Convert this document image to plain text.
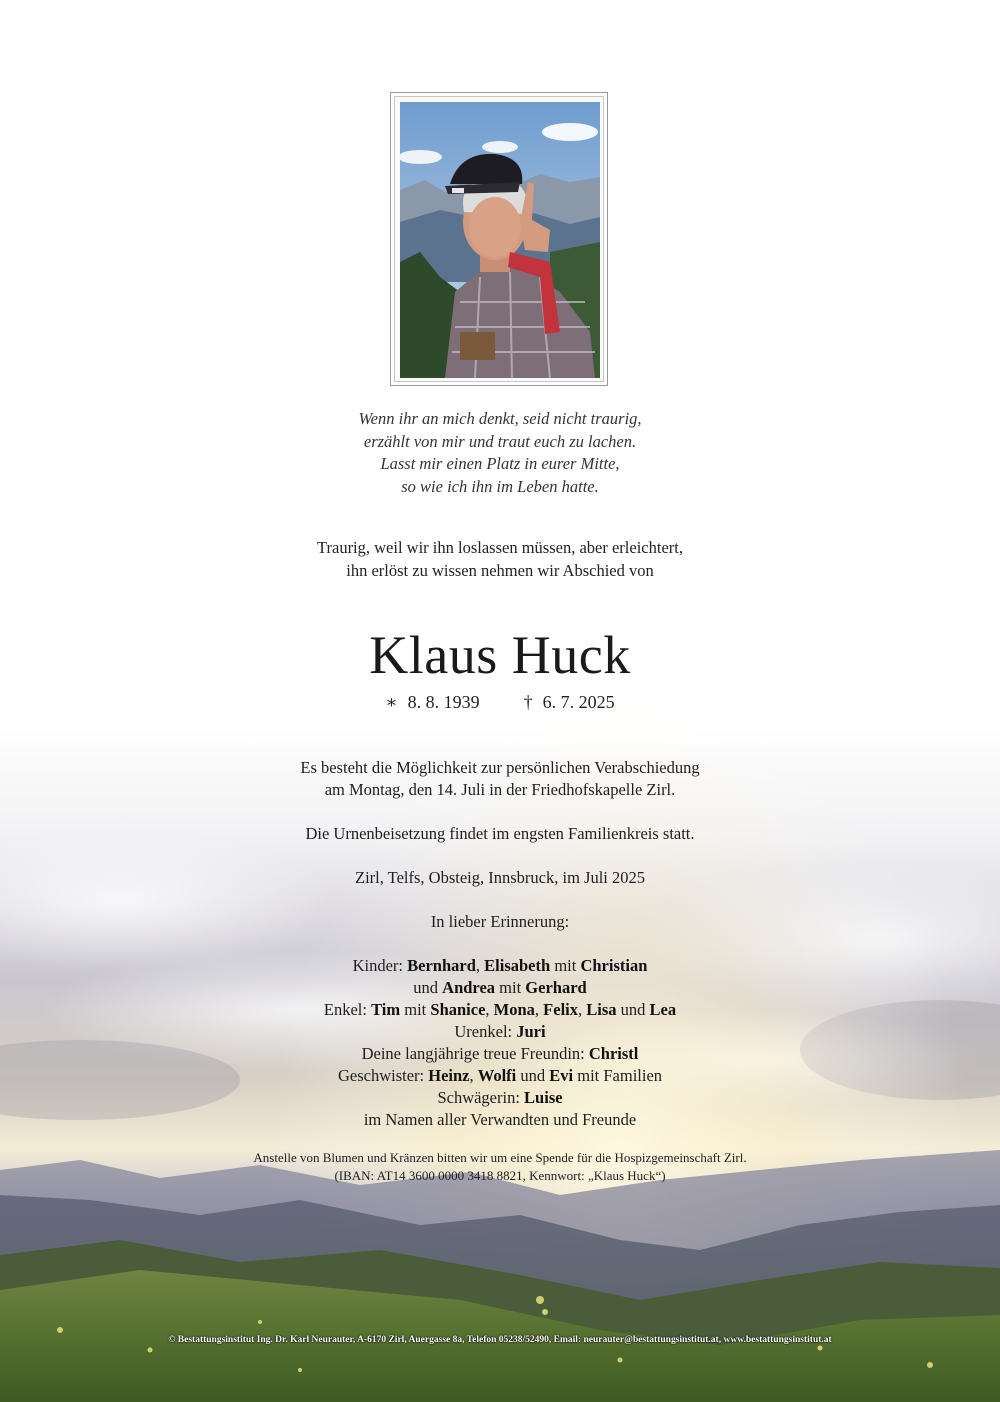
Wenn ihr an mich denkt, seid nicht traurig,
erzählt von mir und traut euch zu lachen.
Lasst mir einen Platz in eurer Mitte,
so wie ich ihn im Leben hatte.
Traurig, weil wir ihn loslassen müssen, aber erleichtert,
ihn erlöst zu wissen nehmen wir Abschied von
Klaus Huck
∗ 8. 8. 1939 † 6. 7. 2025

Es besteht die Möglichkeit zur persönlichen Verabschiedung

am Montag, den 14. Juli in der Friedhofskapelle Zirl.

Die Urnenbeisetzung findet im engsten Familienkreis statt.

Zirl, Telfs, Obsteig, Innsbruck, im Juli 2025

In lieber Erinnerung:

Kinder: Bernhard, Elisabeth mit Christian

und Andrea mit Gerhard

Enkel: Tim mit Shanice, Mona, Felix, Lisa und Lea

Urenkel: Juri

Deine langjährige treue Freundin: Christl

Geschwister: Heinz, Wolfi und Evi mit Familien

Schwägerin: Luise

im Namen aller Verwandten und Freunde

Anstelle von Blumen und Kränzen bitten wir um eine Spende für die Hospizgemeinschaft Zirl.
(IBAN: AT14 3600 0000 3418 8821, Kennwort: „Klaus Huck“)
© Bestattungsinstitut Ing. Dr. Karl Neurauter, A-6170 Zirl, Auergasse 8a, Telefon 05238/52490, Email: neurauter@bestattungsinstitut.at, www.bestattungsinstitut.at
